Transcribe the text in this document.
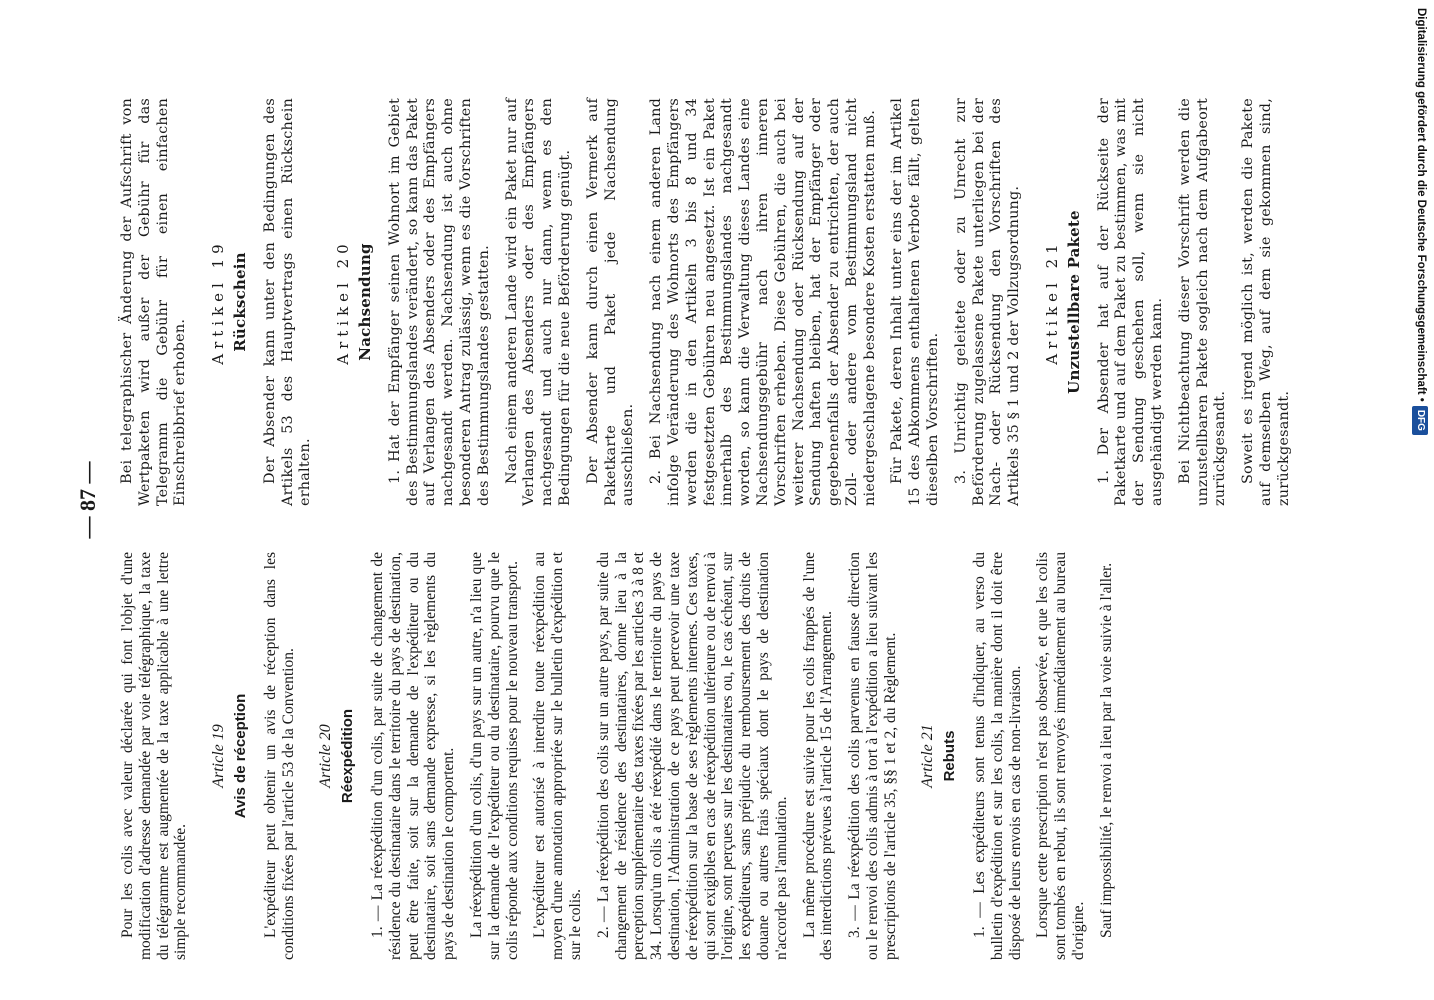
— 87 —

Pour les colis avec valeur déclarée qui font l'objet d'une modification d'adresse demandée par voie télégraphique, la taxe du télégramme est augmentée de la taxe applicable à une lettre simple recommandée.

Article 19 Avis de réception L'expéditeur peut obtenir un avis de réception dans les conditions fixées par l'article 53 de la Convention. Article 20 Réexpédition 1. — La réexpédition d'un colis, par suite de changement de résidence du destinataire dans le territoire du pays de destination, peut être faite, soit sur la demande de l'expéditeur ou du destinataire, soit sans demande expresse, si les règlements du pays de destination le comportent. La réexpédition d'un colis, d'un pays sur un autre, n'a lieu que sur la demande de l'expéditeur ou du destinataire, pourvu que le colis réponde aux conditions requises pour le nouveau transport. L'expéditeur est autorisé à interdire toute réexpédition au moyen d'une annotation appropriée sur le bulletin d'expédition et sur le colis. 2. — La réexpédition des colis sur un autre pays, par suite du changement de résidence des destinataires, donne lieu à la perception supplémentaire des taxes fixées par les articles 3 à 8 et 34. Lorsqu'un colis a été réexpédié dans le territoire du pays de destination, l'Administration de ce pays peut percevoir une taxe de réexpédition sur la base de ses règlements internes. Ces taxes, qui sont exigibles en cas de réexpédition ultérieure ou de renvoi à l'origine, sont perçues sur les destinataires ou, le cas échéant, sur les expéditeurs, sans préjudice du remboursement des droits de douane ou autres frais spéciaux dont le pays de destination n'accorde pas l'annulation. La même procédure est suivie pour les colis frappés de l'une des interdictions prévues à l'article 15 de l'Arrangement. 3. — La réexpédition des colis parvenus en fausse direction ou le renvoi des colis admis à tort à l'expédition a lieu suivant les prescriptions de l'article 35, §§ 1 et 2, du Règlement. Article 21 Rebuts 1. — Les expéditeurs sont tenus d'indiquer, au verso du bulletin d'expédition et sur les colis, la manière dont il doit être disposé de leurs envois en cas de non-livraison. Lorsque cette prescription n'est pas observée, et que les colis sont tombés en rebut, ils sont renvoyés immédiatement au bureau d'origine. Sauf impossibilité, le renvoi a lieu par la voie suivie à l'aller.

Bei telegraphischer Änderung der Aufschrift von Wertpaketen wird außer der Gebühr für das Telegramm die Gebühr für einen einfachen Einschreibbrief erhoben.

Artikel 19 Rückschein Der Absender kann unter den Bedingungen des Artikels 53 des Hauptvertrags einen Rückschein erhalten.

Artikel 20 Nachsendung 1. Hat der Empfänger seinen Wohnort im Gebiet des Bestimmungslandes verändert, so kann das Paket auf Verlangen des Absenders oder des Empfängers nachgesandt werden. Nachsendung ist auch ohne besonderen Antrag zulässig, wenn es die Vorschriften des Bestimmungslandes gestatten. Nach einem anderen Lande wird ein Paket nur auf Verlangen des Absenders oder des Empfängers nachgesandt und auch nur dann, wenn es den Bedingungen für die neue Beförderung genügt. Der Absender kann durch einen Vermerk auf Paketkarte und Paket jede Nachsendung ausschließen. 2. Bei Nachsendung nach einem anderen Land infolge Veränderung des Wohnorts des Empfängers werden die in den Artikeln 3 bis 8 und 34 festgesetzten Gebühren neu angesetzt. Ist ein Paket innerhalb des Bestimmungslandes nachgesandt worden, so kann die Verwaltung dieses Landes eine Nachsendungsgebühr nach ihren inneren Vorschriften erheben. Diese Gebühren, die auch bei weiterer Nachsendung oder Rücksendung auf der Sendung haften bleiben, hat der Empfänger oder gegebenenfalls der Absender zu entrichten, der auch Zoll- oder andere vom Bestimmungsland nicht niedergeschlagene besondere Kosten erstatten muß. Für Pakete, deren Inhalt unter eins der im Artikel 15 des Abkommens enthaltenen Verbote fällt, gelten dieselben Vorschriften. 3. Unrichtig geleitete oder zu Unrecht zur Beförderung zugelassene Pakete unterliegen bei der Nach- oder Rücksendung den Vorschriften des Artikels 35 § 1 und 2 der Vollzugsordnung. Artikel 21 Unzustellbare Pakete 1. Der Absender hat auf der Rückseite der Paketkarte und auf dem Paket zu bestimmen, was mit der Sendung geschehen soll, wenn sie nicht ausgehändigt werden kann. Bei Nichtbeachtung dieser Vorschrift werden die unzustellbaren Pakete sogleich nach dem Aufgabeort zurückgesandt. Soweit es irgend möglich ist, werden die Pakete auf demselben Weg, auf dem sie gekommen sind, zurückgesandt.

Digitalisierung gefördert durch die Deutsche Forschungsgemeinschaft •DFG
